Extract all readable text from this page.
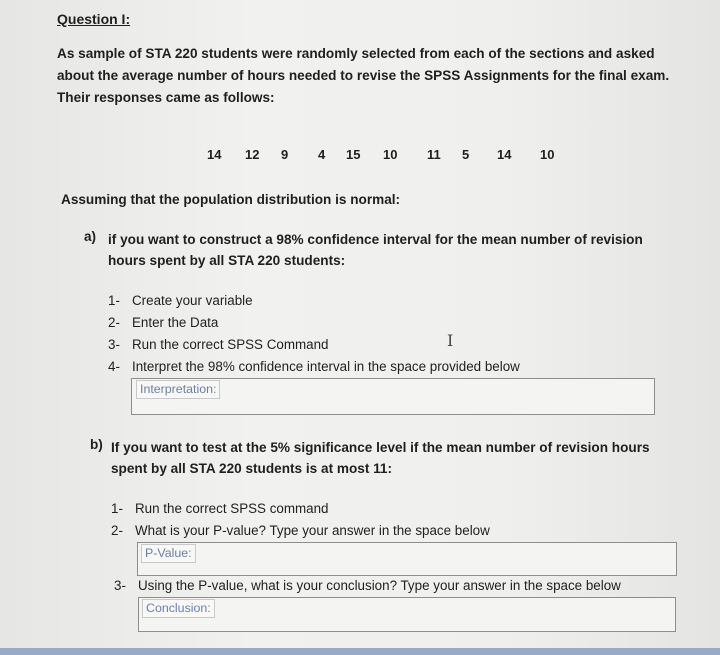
Question I:
As sample of STA 220 students were randomly selected from each of the sections and asked about the average number of hours needed to revise the SPSS Assignments for the final exam. Their responses came as follows:
14 12 9 4 15 10 11 5 14 10
Assuming that the population distribution is normal:
a) if you want to construct a 98% confidence interval for the mean number of revision hours spent by all STA 220 students:
1- Create your variable
2- Enter the Data
3- Run the correct SPSS Command
4- Interpret the 98% confidence interval in the space provided below
I
Interpretation:
b) If you want to test at the 5% significance level if the mean number of revision hours spent by all STA 220 students is at most 11:
1- Run the correct SPSS command
2- What is your P-value? Type your answer in the space below
P-Value:
3- Using the P-value, what is your conclusion? Type your answer in the space below
Conclusion:
